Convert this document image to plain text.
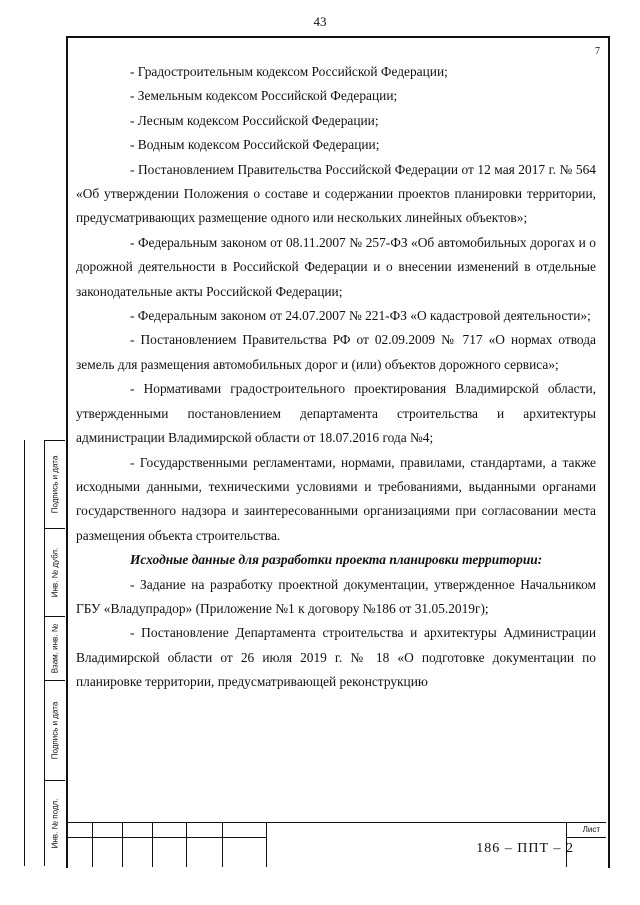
43
7

- Градостроительным кодексом Российской Федерации;

- Земельным кодексом Российской Федерации;

- Лесным кодексом Российской Федерации;

- Водным кодексом Российской Федерации;

- Постановлением Правительства Российской Федерации от 12 мая 2017 г. № 564 «Об утверждении Положения о составе и содержании проектов планировки территории, предусматривающих размещение одного или нескольких линейных объектов»;

- Федеральным законом от 08.11.2007 № 257-ФЗ «Об автомобильных дорогах и о дорожной деятельности в Российской Федерации и о внесении изменений в отдельные законодательные акты Российской Федерации;

- Федеральным законом от 24.07.2007 № 221-ФЗ «О кадастровой деятельности»;

- Постановлением Правительства РФ от 02.09.2009 № 717 «О нормах отвода земель для размещения автомобильных дорог и (или) объектов дорожного сервиса»;

- Нормативами градостроительного проектирования Владимирской области, утвержденными постановлением департамента строительства и архитектуры администрации Владимирской области от 18.07.2016 года №4;

- Государственными регламентами, нормами, правилами, стандартами, а также исходными данными, техническими условиями и требованиями, выданными органами государственного надзора и заинтересованными организациями при согласовании места размещения объекта строительства.

Исходные данные для разработки проекта планировки территории:

- Задание на разработку проектной документации, утвержденное Начальником ГБУ «Владупрадор» (Приложение №1 к договору №186 от 31.05.2019г);

- Постановление Департамента строительства и архитектуры Администрации Владимирской области от 26 июля 2019 г. № 18 «О подготовке документации по планировке территории, предусматривающей реконструкцию

Подпись и дата
Инв. № дубл.
Взам. инв. №
Подпись и дата
Инв. № подл.	Лист
186 – ППТ – 2
